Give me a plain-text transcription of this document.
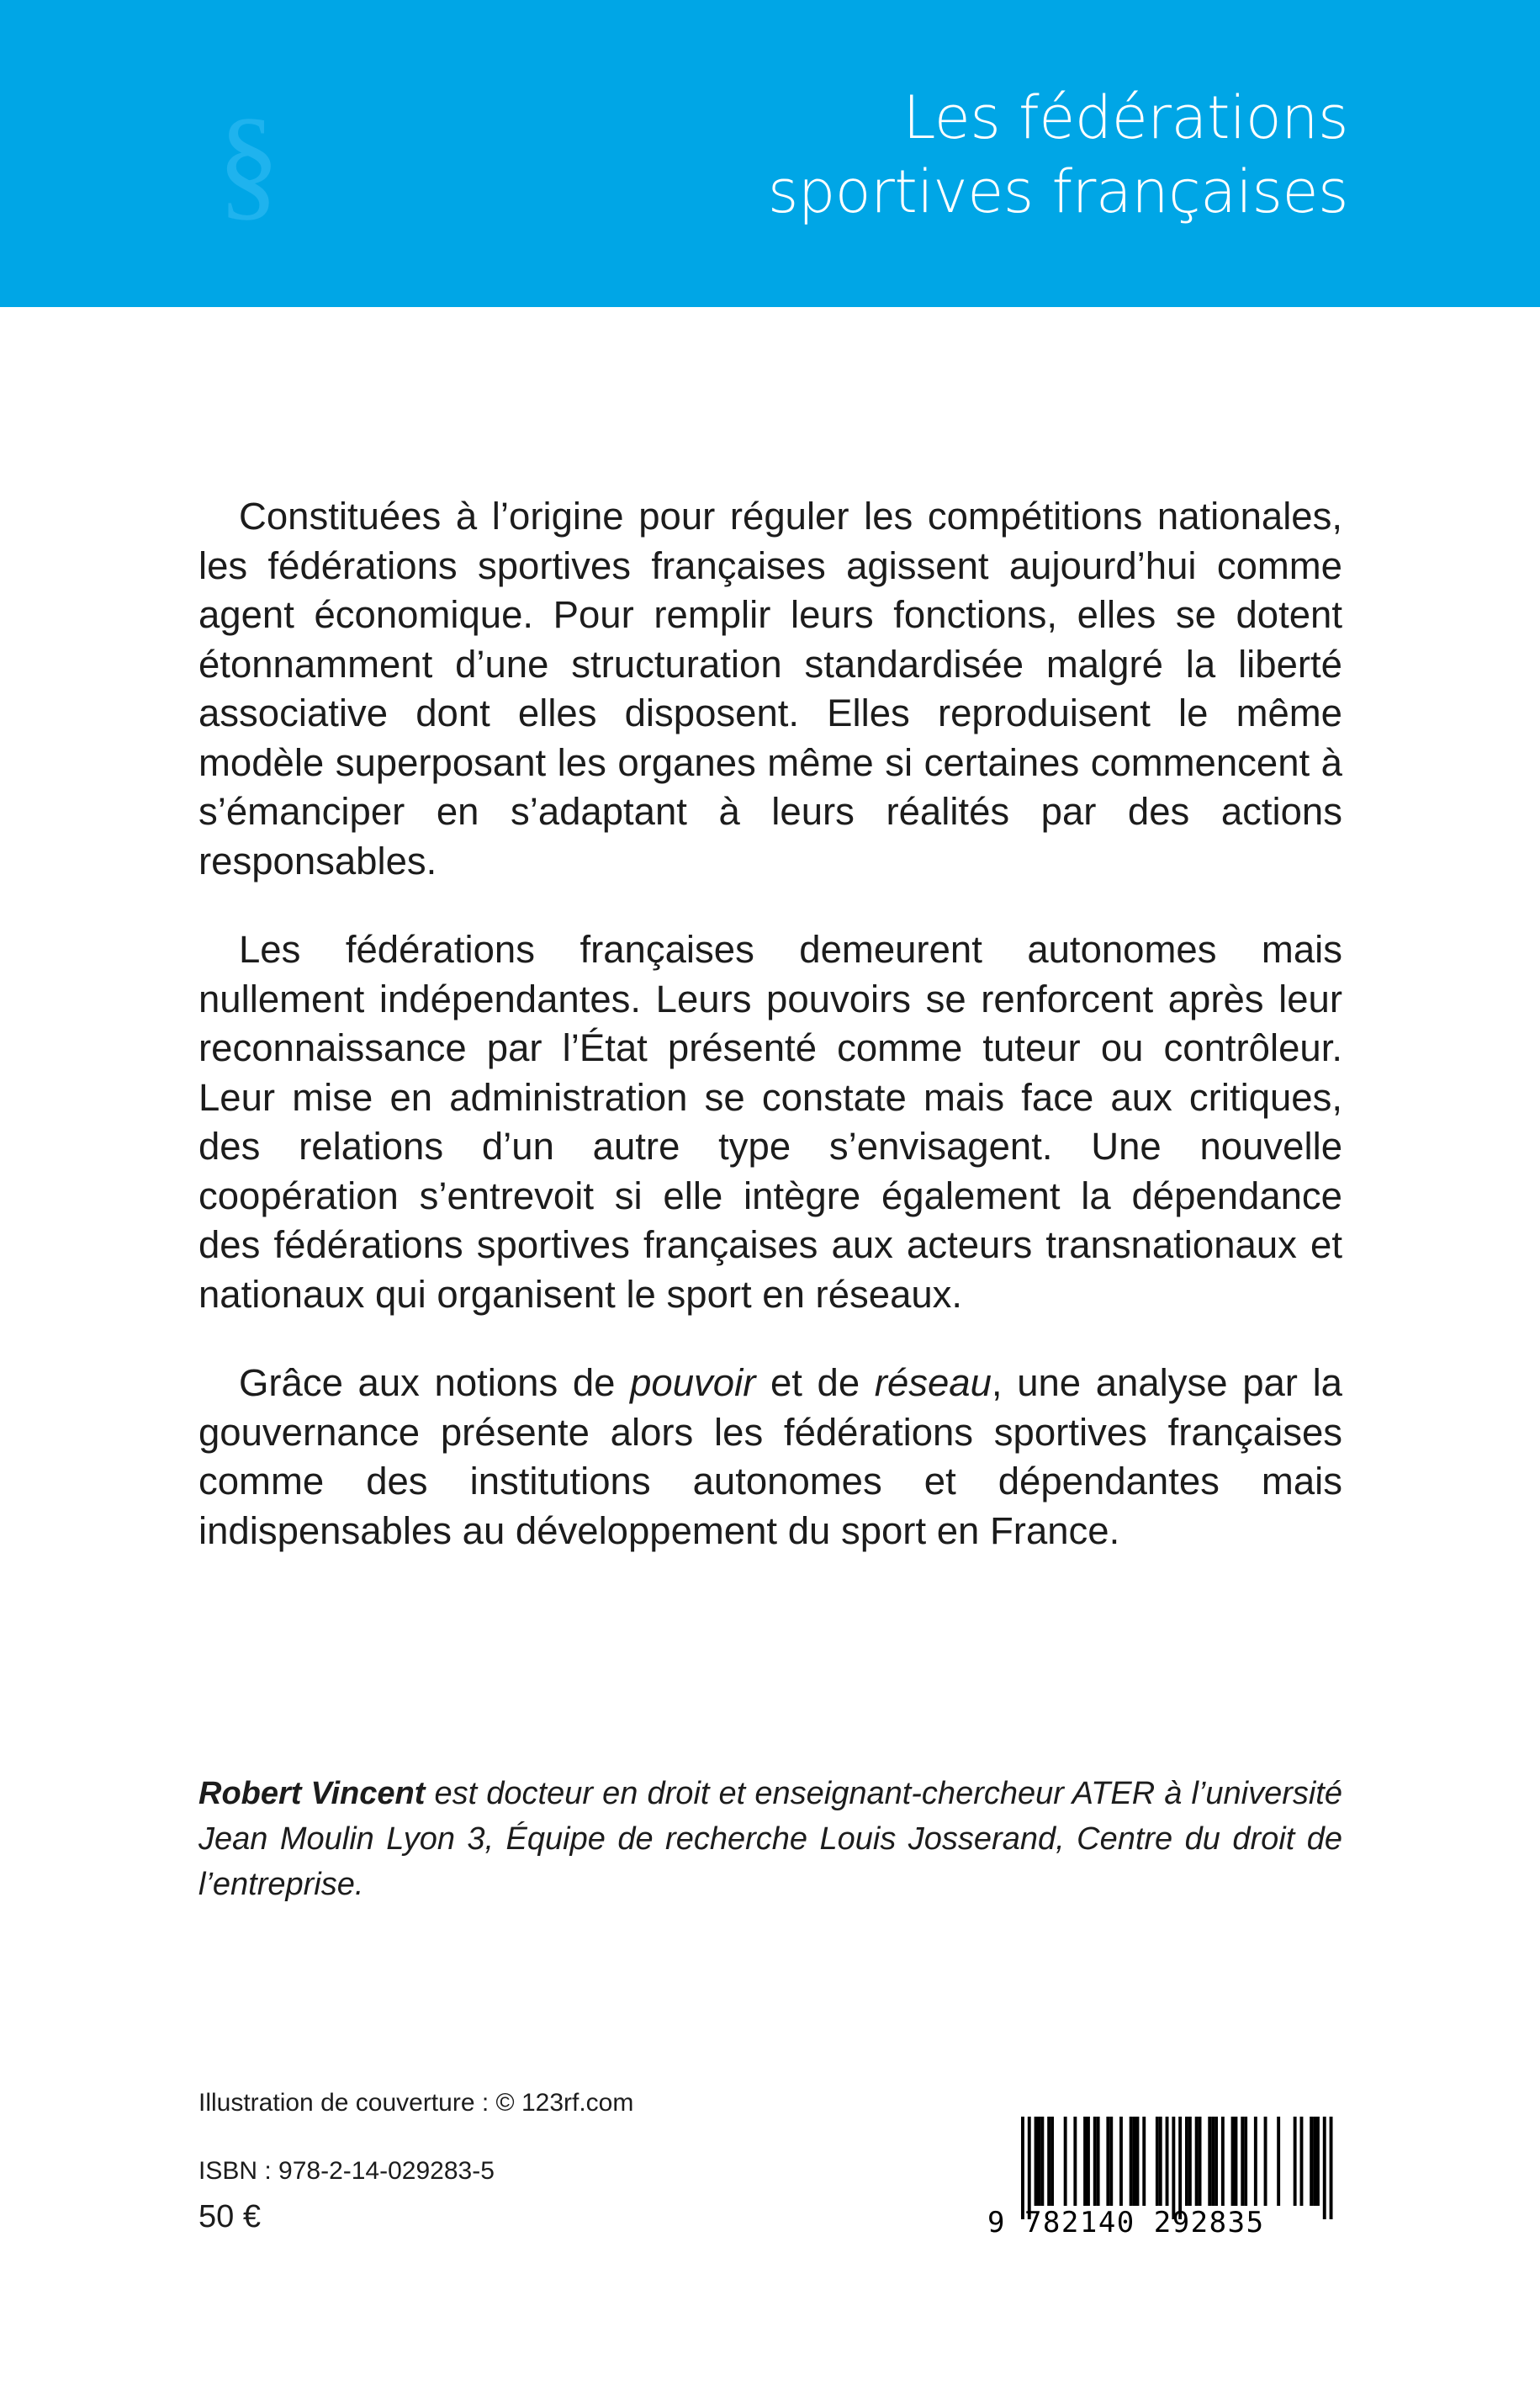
§	Les fédérations
sportives françaises

Constituées à l’origine pour réguler les compétitions nationales, les fédérations sportives françaises agissent aujourd’hui comme agent économique. Pour remplir leurs fonctions, elles se dotent étonnamment d’une structuration standardisée malgré la liberté associative dont elles disposent. Elles reproduisent le même modèle superposant les organes même si certaines commencent à s’émanciper en s’adaptant à leurs réalités par des actions responsables.

Les fédérations françaises demeurent autonomes mais nullement indépendantes. Leurs pouvoirs se renforcent après leur reconnaissance par l’État présenté comme tuteur ou contrôleur. Leur mise en administration se constate mais face aux critiques, des relations d’un autre type s’envisagent. Une nouvelle coopération s’entrevoit si elle intègre également la dépendance des fédérations sportives françaises aux acteurs transnationaux et nationaux qui organisent le sport en réseaux.

Grâce aux notions de pouvoir et de réseau, une analyse par la gouvernance présente alors les fédérations sportives françaises comme des institutions autonomes et dépendantes mais indispensables au développement du sport en France.

Robert Vincent est docteur en droit et enseignant-chercheur ATER à l’université Jean Moulin Lyon 3, Équipe de recherche Louis Josserand, Centre du droit de l’entreprise.
Illustration de couverture : © 123rf.com
ISBN : 978-2-14-029283-5
50 €	9 782140 292835
